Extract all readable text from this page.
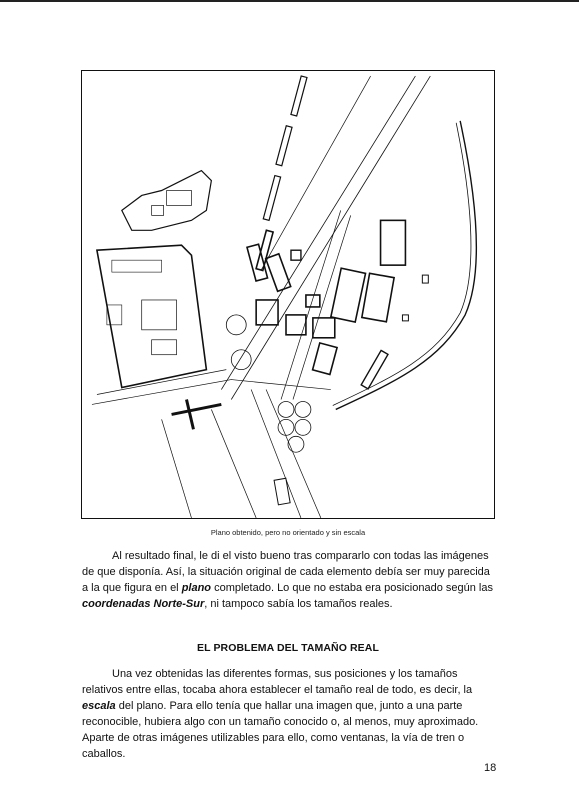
Plano obtenido, pero no orientado y sin escala

Al resultado final, le di el visto bueno tras compararlo con todas las imágenes de que disponía. Así, la situación original de cada elemento debía ser muy parecida a la que figura en el plano completado. Lo que no estaba era posicionado según las coordenadas Norte-Sur, ni tampoco sabía los tamaños reales.

EL PROBLEMA DEL TAMAÑO REAL

Una vez obtenidas las diferentes formas, sus posiciones y los tamaños relativos entre ellas, tocaba ahora establecer el tamaño real de todo, es decir, la escala del plano. Para ello tenía que hallar una imagen que, junto a una parte reconocible, hubiera algo con un tamaño conocido o, al menos, muy aproximado. Aparte de otras imágenes utilizables para ello, como ventanas, la vía de tren o caballos.

18
